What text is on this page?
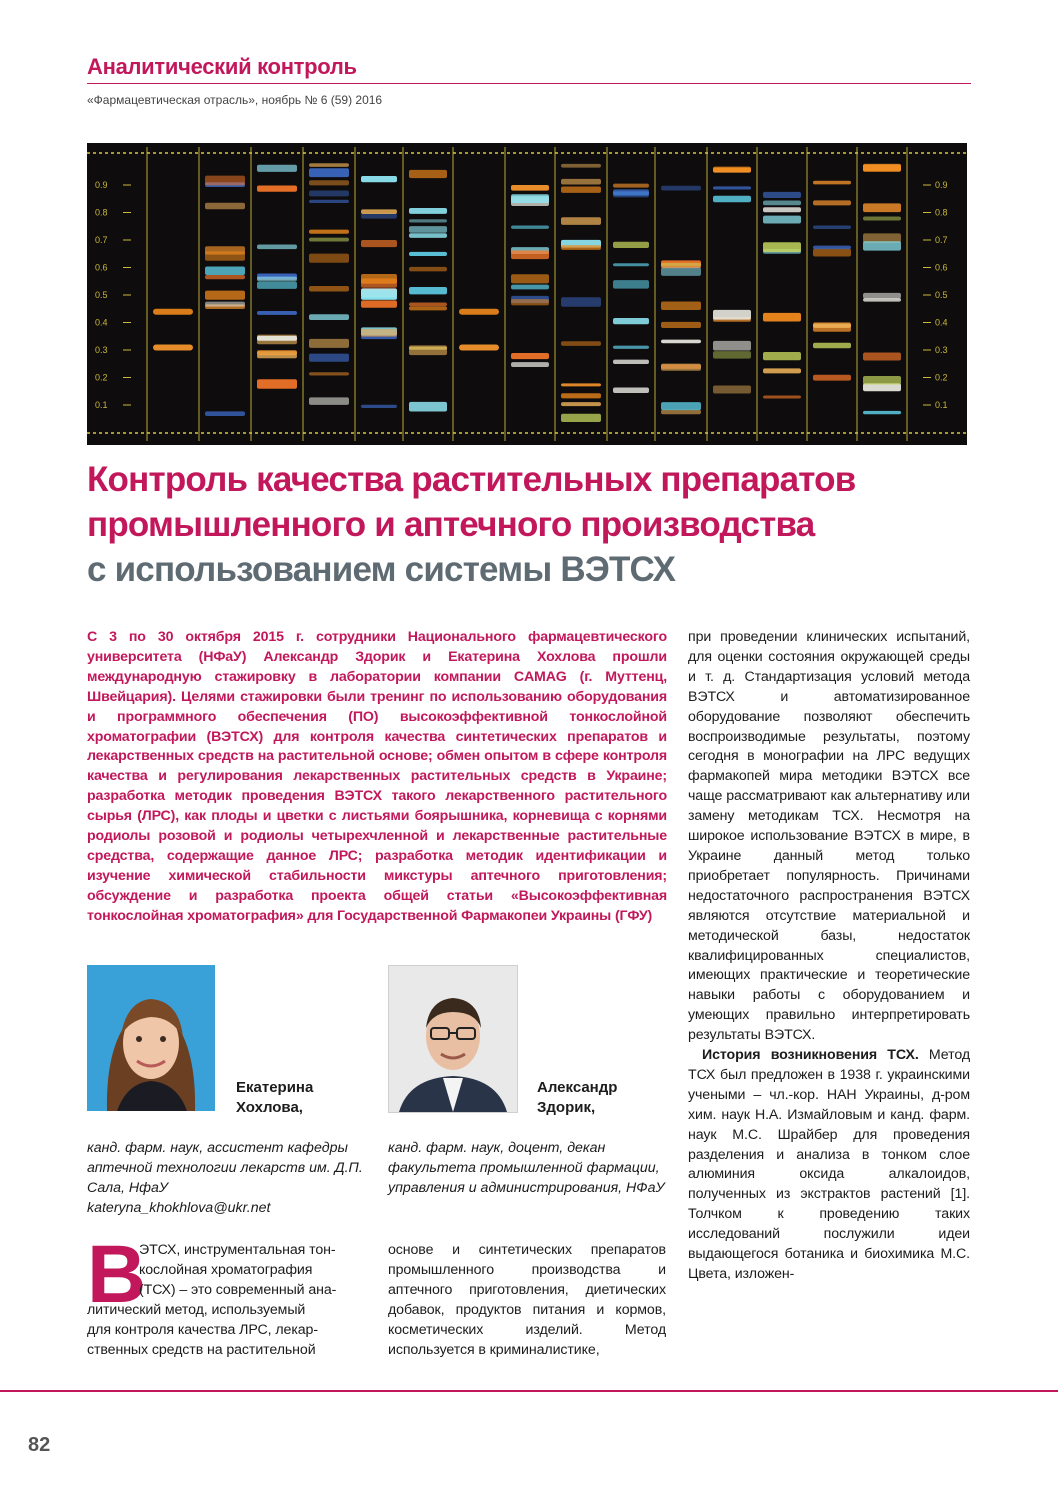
Аналитический контроль
«Фармацевтическая отрасль», ноябрь № 6 (59) 2016
0.9
0.8
0.7
0.6
0.5
0.4
0.3
0.2
0.1
0.9
0.8
0.7
0.6
0.5
0.4
0.3
0.2
0.1
Контроль качества растительных препаратов
промышленного и аптечного производства
с использованием системы ВЭТСХ
С 3 по 30 октября 2015 г. сотрудники Национального фармацевтического университета (НФаУ) Александр Здорик и Екатерина Хохлова прошли международную стажировку в лаборатории компании CAMAG (г. Муттенц, Швейцария). Целями стажировки были тренинг по использованию оборудования и программного обеспечения (ПО) высокоэффективной тонкослойной хроматографии (ВЭТСХ) для контроля качества синтетических препаратов и лекарственных средств на растительной основе; обмен опытом в сфере контроля качества и регулирования лекарственных растительных средств в Украине; разработка методик проведения ВЭТСХ такого лекарственного растительного сырья (ЛРС), как плоды и цветки с листьями боярышника, корневища с корнями родиолы розовой и родиолы четырехчленной и лекарственные растительные средства, содержащие данное ЛРС; разработка методик идентификации и изучение химической стабильности микстуры аптечного приготовления; обсуждение и разработка проекта общей статьи «Высокоэффективная тонкослойная хроматография» для Государственной Фармакопеи Украины (ГФУ)

при проведении клинических испытаний, для оценки состояния окружающей среды и т. д. Стандартизация условий метода ВЭТСХ и автоматизированное оборудование позволяют обеспечить воспроизводимые результаты, поэтому сегодня в монографии на ЛРС ведущих фармакопей мира методики ВЭТСХ все чаще рассматривают как альтернативу или замену методикам ТСХ. Несмотря на широкое использование ВЭТСХ в мире, в Украине данный метод только приобретает популярность. Причинами недостаточного распространения ВЭТСХ являются отсутствие материальной и методической базы, недостаток квалифицированных специалистов, имеющих практические и теоретические навыки работы с оборудованием и умеющих правильно интерпретировать результаты ВЭТСХ.

История возникновения ТСХ. Метод ТСХ был предложен в 1938 г. украинскими учеными – чл.-кор. НАН Украины, д-ром хим. наук Н.А. Измайловым и канд. фарм. наук М.С. Шрайбер для проведения разделения и анализа в тонком слое алюминия оксида алкалоидов, полученных из экстрактов растений [1]. Толчком к проведению таких исследований послужили идеи выдающегося ботаника и биохимика М.С. Цвета, изложен-

Екатерина
Хохлова,
Александр
Здорик,
канд. фарм. наук, ассистент кафедры аптечной технологии лекарств им. Д.П. Сала, НфаУ
kateryna_khokhlova@ukr.net
канд. фарм. наук, доцент, декан факультета промышленной фармации, управления и администрирования, НФаУ
В
ЭТСХ, инструментальная тон-
кослойная хроматография
(ТСХ) – это современный ана-
литический метод, используемый
для контроля качества ЛРС, лекар-
ственных средств на растительной
основе и синтетических препаратов промышленного производства и аптечного приготовления, диетических добавок, продуктов питания и кормов, косметических изделий. Метод используется в криминалистике,
82
